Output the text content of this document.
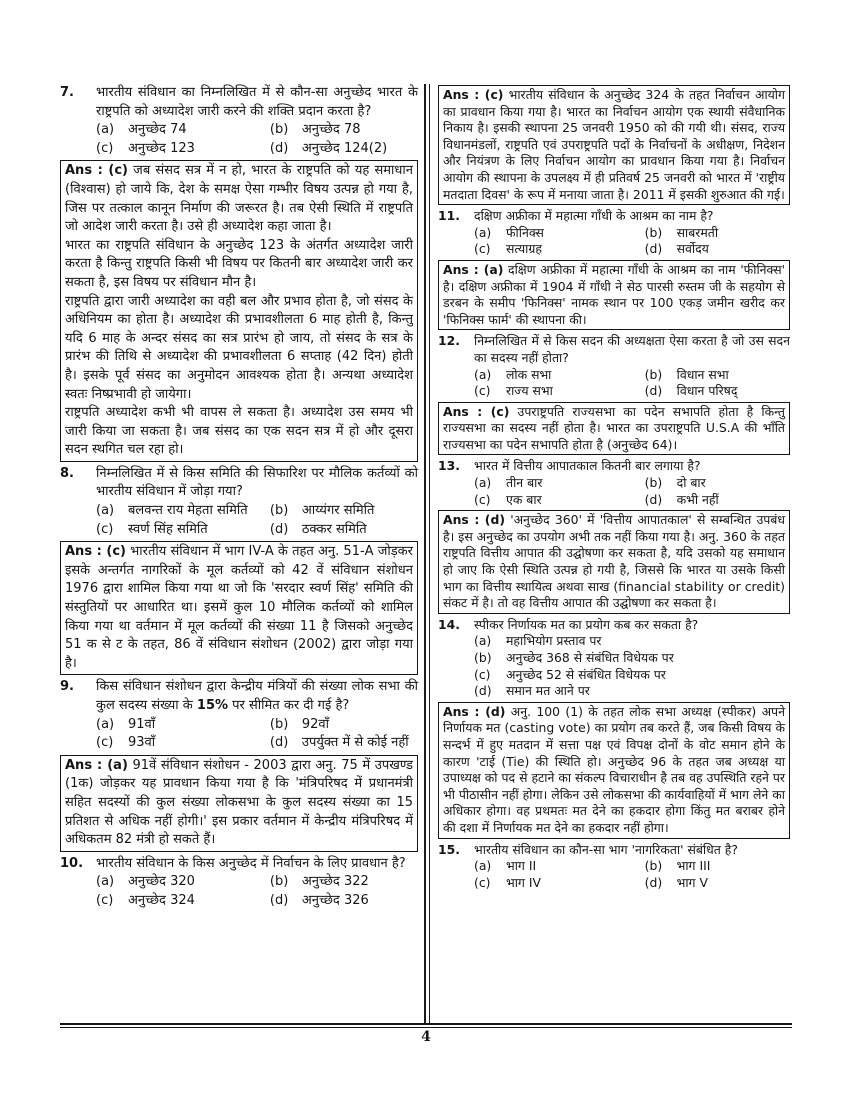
7.	भारतीय संविधान का निम्नलिखित में से कौन-सा अनुच्छेद भारत के राष्ट्रपति को अध्यादेश जारी करने की शक्ति प्रदान करता है?
(a)	अनुच्छेद 74	(b)	अनुच्छेद 78
(c)	अनुच्छेद 123	(d)	अनुच्छेद 124(2)

Ans : (c) जब संसद सत्र में न हो, भारत के राष्ट्रपति को यह समाधान (विश्वास) हो जाये कि, देश के समक्ष ऐसा गम्भीर विषय उत्पन्न हो गया है, जिस पर तत्काल कानून निर्माण की जरूरत है। तब ऐसी स्थिति में राष्ट्रपति जो आदेश जारी करता है। उसे ही अध्यादेश कहा जाता है।

भारत का राष्ट्रपति संविधान के अनुच्छेद 123 के अंतर्गत अध्यादेश जारी करता है किन्तु राष्ट्रपति किसी भी विषय पर कितनी बार अध्यादेश जारी कर सकता है, इस विषय पर संविधान मौन है।

राष्ट्रपति द्वारा जारी अध्यादेश का वही बल और प्रभाव होता है, जो संसद के अधिनियम का होता है। अध्यादेश की प्रभावशीलता 6 माह होती है, किन्तु यदि 6 माह के अन्दर संसद का सत्र प्रारंभ हो जाय, तो संसद के सत्र के प्रारंभ की तिथि से अध्यादेश की प्रभावशीलता 6 सप्ताह (42 दिन) होती है। इसके पूर्व संसद का अनुमोदन आवश्यक होता है। अन्यथा अध्यादेश स्वतः निष्प्रभावी हो जायेगा।

राष्ट्रपति अध्यादेश कभी भी वापस ले सकता है। अध्यादेश उस समय भी जारी किया जा सकता है। जब संसद का एक सदन सत्र में हो और दूसरा सदन स्थगित चल रहा हो।

8.	निम्नलिखित में से किस समिति की सिफारिश पर मौलिक कर्तव्यों को भारतीय संविधान में जोड़ा गया?
(a)	बलवन्त राय मेहता समिति	(b)	आय्यंगर समिति
(c)	स्वर्ण सिंह समिति	(d)	ठक्कर समिति

Ans : (c) भारतीय संविधान में भाग IV-A के तहत अनु. 51-A जोड़कर इसके अन्तर्गत नागरिकों के मूल कर्तव्यों को 42 वें संविधान संशोधन 1976 द्वारा शामिल किया गया था जो कि 'सरदार स्वर्ण सिंह' समिति की संस्तुतियों पर आधारित था। इसमें कुल 10 मौलिक कर्तव्यों को शामिल किया गया था वर्तमान में मूल कर्तव्यों की संख्या 11 है जिसको अनुच्छेद 51 क से ट के तहत, 86 वें संविधान संशोधन (2002) द्वारा जोड़ा गया है।

9.	किस संविधान संशोधन द्वारा केन्द्रीय मंत्रियों की संख्या लोक सभा की कुल सदस्य संख्या के 15% पर सीमित कर दी गई है?
(a)	91वाँ	(b)	92वाँ
(c)	93वाँ	(d)	उपर्युक्त में से कोई नहीं

Ans : (a) 91वें संविधान संशोधन - 2003 द्वारा अनु. 75 में उपखण्ड (1क) जोड़कर यह प्रावधान किया गया है कि 'मंत्रिपरिषद में प्रधानमंत्री सहित सदस्यों की कुल संख्या लोकसभा के कुल सदस्य संख्या का 15 प्रतिशत से अधिक नहीं होगी।' इस प्रकार वर्तमान में केन्द्रीय मंत्रिपरिषद में अधिकतम 82 मंत्री हो सकते हैं।

10. भारतीय संविधान के किस अनुच्छेद में निर्वाचन के लिए प्रावधान है?
(a)	अनुच्छेद 320	(b)	अनुच्छेद 322
(c)	अनुच्छेद 324	(d)	अनुच्छेद 326

Ans : (c) भारतीय संविधान के अनुच्छेद 324 के तहत निर्वाचन आयोग का प्रावधान किया गया है। भारत का निर्वाचन आयोग एक स्थायी संवैधानिक निकाय है। इसकी स्थापना 25 जनवरी 1950 को की गयी थी। संसद, राज्य विधानमंडलों, राष्ट्रपति एवं उपराष्ट्रपति पदों के निर्वाचनों के अधीक्षण, निदेशन और नियंत्रण के लिए निर्वाचन आयोग का प्रावधान किया गया है। निर्वाचन आयोग की स्थापना के उपलक्ष्य में ही प्रतिवर्ष 25 जनवरी को भारत में 'राष्ट्रीय मतदाता दिवस' के रूप में मनाया जाता है। 2011 में इसकी शुरुआत की गई।

11.	दक्षिण अफ्रीका में महात्मा गाँधी के आश्रम का नाम है?
(a)	फीनिक्स	(b)	साबरमती
(c)	सत्याग्रह	(d)	सर्वोदय

Ans : (a) दक्षिण अफ्रीका में महात्मा गाँधी के आश्रम का नाम 'फीनिक्स' है। दक्षिण अफ्रीका में 1904 में गाँधी ने सेठ पारसी रुस्तम जी के सहयोग से डरबन के समीप 'फिनिक्स' नामक स्थान पर 100 एकड़ जमीन खरीद कर 'फिनिक्स फार्म' की स्थापना की।

12.	निम्नलिखित में से किस सदन की अध्यक्षता ऐसा करता है जो उस सदन का सदस्य नहीं होता?
(a)	लोक सभा	(b)	विधान सभा
(c)	राज्य सभा	(d)	विधान परिषद्

Ans : (c) उपराष्ट्रपति राज्यसभा का पदेन सभापति होता है किन्तु राज्यसभा का सदस्य नहीं होता है। भारत का उपराष्ट्रपति U.S.A की भाँति राज्यसभा का पदेन सभापति होता है (अनुच्छेद 64)।

13.	भारत में वित्तीय आपातकाल कितनी बार लगाया है?
(a)	तीन बार	(b)	दो बार
(c)	एक बार	(d)	कभी नहीं

Ans : (d) 'अनुच्छेद 360' में 'वित्तीय आपातकाल' से सम्बन्धित उपबंध है। इस अनुच्छेद का उपयोग अभी तक नहीं किया गया है। अनु. 360 के तहत राष्ट्रपति वित्तीय आपात की उद्घोषणा कर सकता है, यदि उसको यह समाधान हो जाए कि ऐसी स्थिति उत्पन्न हो गयी है, जिससे कि भारत या उसके किसी भाग का वित्तीय स्थायित्व अथवा साख (financial stability or credit) संकट में है। तो वह वित्तीय आपात की उद्घोषणा कर सकता है।

14.	स्पीकर निर्णायक मत का प्रयोग कब कर सकता है?
(a)	महाभियोग प्रस्ताव पर
(b)	अनुच्छेद 368 से संबंधित विधेयक पर
(c)	अनुच्छेद 52 से संबंधित विधेयक पर
(d)	समान मत आने पर

Ans : (d) अनु. 100 (1) के तहत लोक सभा अध्यक्ष (स्पीकर) अपने निर्णायक मत (casting vote) का प्रयोग तब करते हैं, जब किसी विषय के सन्दर्भ में हुए मतदान में सत्ता पक्ष एवं विपक्ष दोनों के वोट समान होने के कारण 'टाई (Tie) की स्थिति हो। अनुच्छेद 96 के तहत जब अध्यक्ष या उपाध्यक्ष को पद से हटाने का संकल्प विचाराधीन है तब वह उपस्थिति रहने पर भी पीठासीन नहीं होगा। लेकिन उसे लोकसभा की कार्यवाहियों में भाग लेने का अधिकार होगा। वह प्रथमतः मत देने का हकदार होगा किंतु मत बराबर होने की दशा में निर्णायक मत देने का हकदार नहीं होगा।

15.	भारतीय संविधान का कौन-सा भाग 'नागरिकता' संबंधित है?
(a)	भाग II	(b)	भाग III
(c)	भाग IV	(d)	भाग V
4
